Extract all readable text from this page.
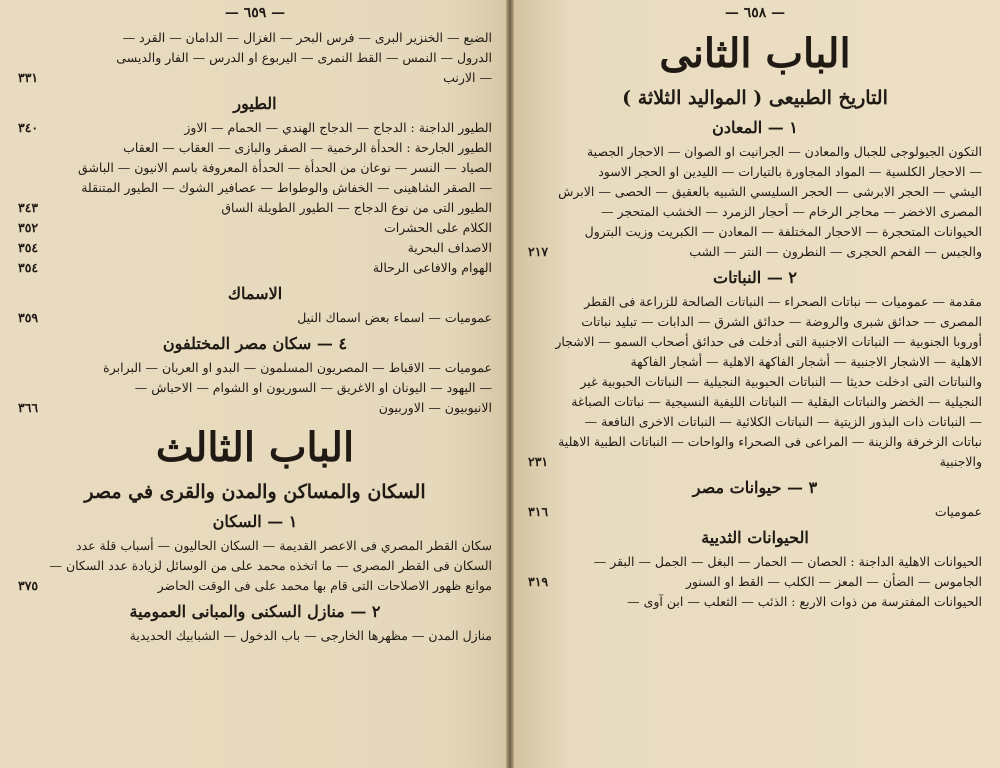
— ٦٥٩ —
الضبع — الخنزير البرى — فرس البحر — الغزال — الدامان — القرد —
الدرول — النمس — القط النمرى — اليربوع او الدرس — الفار والديسى
— الارنب
٣٣١
الطيور
الطيور الداجنة : الدجاج — الدجاج الهندي — الحمام — الاوز
٣٤٠
الطيور الجارحة : الحدأة الرخمية — الصقر والبازى — العقاب — العقاب
الصياد — النسر — نوعان من الحدأة — الحدأة المعروفة باسم الانيون — الباشق
— الصقر الشاهينى — الخفاش والوطواط — عصافير الشوك — الطيور المتنقلة
الطيور التى من نوع الدجاج — الطيور الطويلة الساق
٣٤٣
الكلام على الحشرات
٣٥٢
الاصداف البحرية
٣٥٤
الهوام والافاعى الرحالة
٣٥٤
الاسماك
عموميات — اسماء بعض اسماك النيل
٣٥٩
٤ — سكان مصر المختلفون
عموميات — الاقباط — المصريون المسلمون — البدو او العربان — البرابرة
— اليهود — اليونان او الاغريق — السوريون او الشوام — الاحباش —
الانيوبيون — الاوربيون
٣٦٦
الباب الثالث
السكان والمساكن والمدن والقرى في مصر
١ — السكان
سكان القطر المصري فى الاعصر القديمة — السكان الحاليون — أسباب قلة عدد
السكان فى القطر المصرى — ما اتخذه محمد على من الوسائل لزيادة عدد السكان —
موانع ظهور الاصلاحات التى قام بها محمد على فى الوقت الحاضر
٣٧٥
٢ — منازل السكنى والمبانى العمومية
منازل المدن — مظهرها الخارجى — باب الدخول — الشبابيك الحديدية
— ٦٥٨ —
الباب الثانى
التاريخ الطبيعى ( المواليد الثلاثة )
١ — المعادن
التكون الجيولوجى للجبال والمعادن — الجرانيت او الصوان — الاحجار الجصية
— الاحجار الكلسية — المواد المجاورة بالتيارات — الليدين او الحجر الاسود
اليشي — الحجر الابرشى — الحجر السليسي الشبيه بالعقيق — الحصى — الابرش
المصرى الاخضر — محاجر الرخام — أحجار الزمرد — الخشب المتحجر —
الحيوانات المتحجرة — الاحجار المختلفة — المعادن — الكبريت وزيت البترول
والجبس — الفحم الحجرى — النطرون — النتر — الشب
٢١٧
٢ — النباتات
مقدمة — عموميات — نباتات الصحراء — النباتات الصالحة للزراعة فى القطر
المصرى — حدائق شبرى والروضة — حدائق الشرق — الدابات — تبليد نباتات
أوروبا الجنوبية — النباتات الاجنبية التى أدخلت فى حدائق أصحاب السمو — الاشجار
الاهلية — الاشجار الاجنبية — أشجار الفاكهة الاهلية — أشجار الفاكهة
والنباتات التى ادخلت حديثا — النباتات الحبوبية النجيلية — النباتات الحبوبية غير
النجيلية — الخضر والنباتات البقلية — النباتات الليفية النسيجية — نباتات الصباغة
— النباتات ذات البذور الزيتية — النباتات الكلائية — النباتات الاخرى النافعة —
نباتات الزخرفة والزينة — المراعى فى الصحراء والواحات — النباتات الطبية الاهلية
والاجنبية
٢٣١
٣ — حيوانات مصر
عموميات
٣١٦
الحيوانات الثديية
الحيوانات الاهلية الداجنة : الحصان — الحمار — البغل — الجمل — البقر —
الجاموس — الضأن — المعز — الكلب — القط او السنور
٣١٩
الحيوانات المفترسة من ذوات الاربع : الذئب — الثعلب — ابن آوى —
